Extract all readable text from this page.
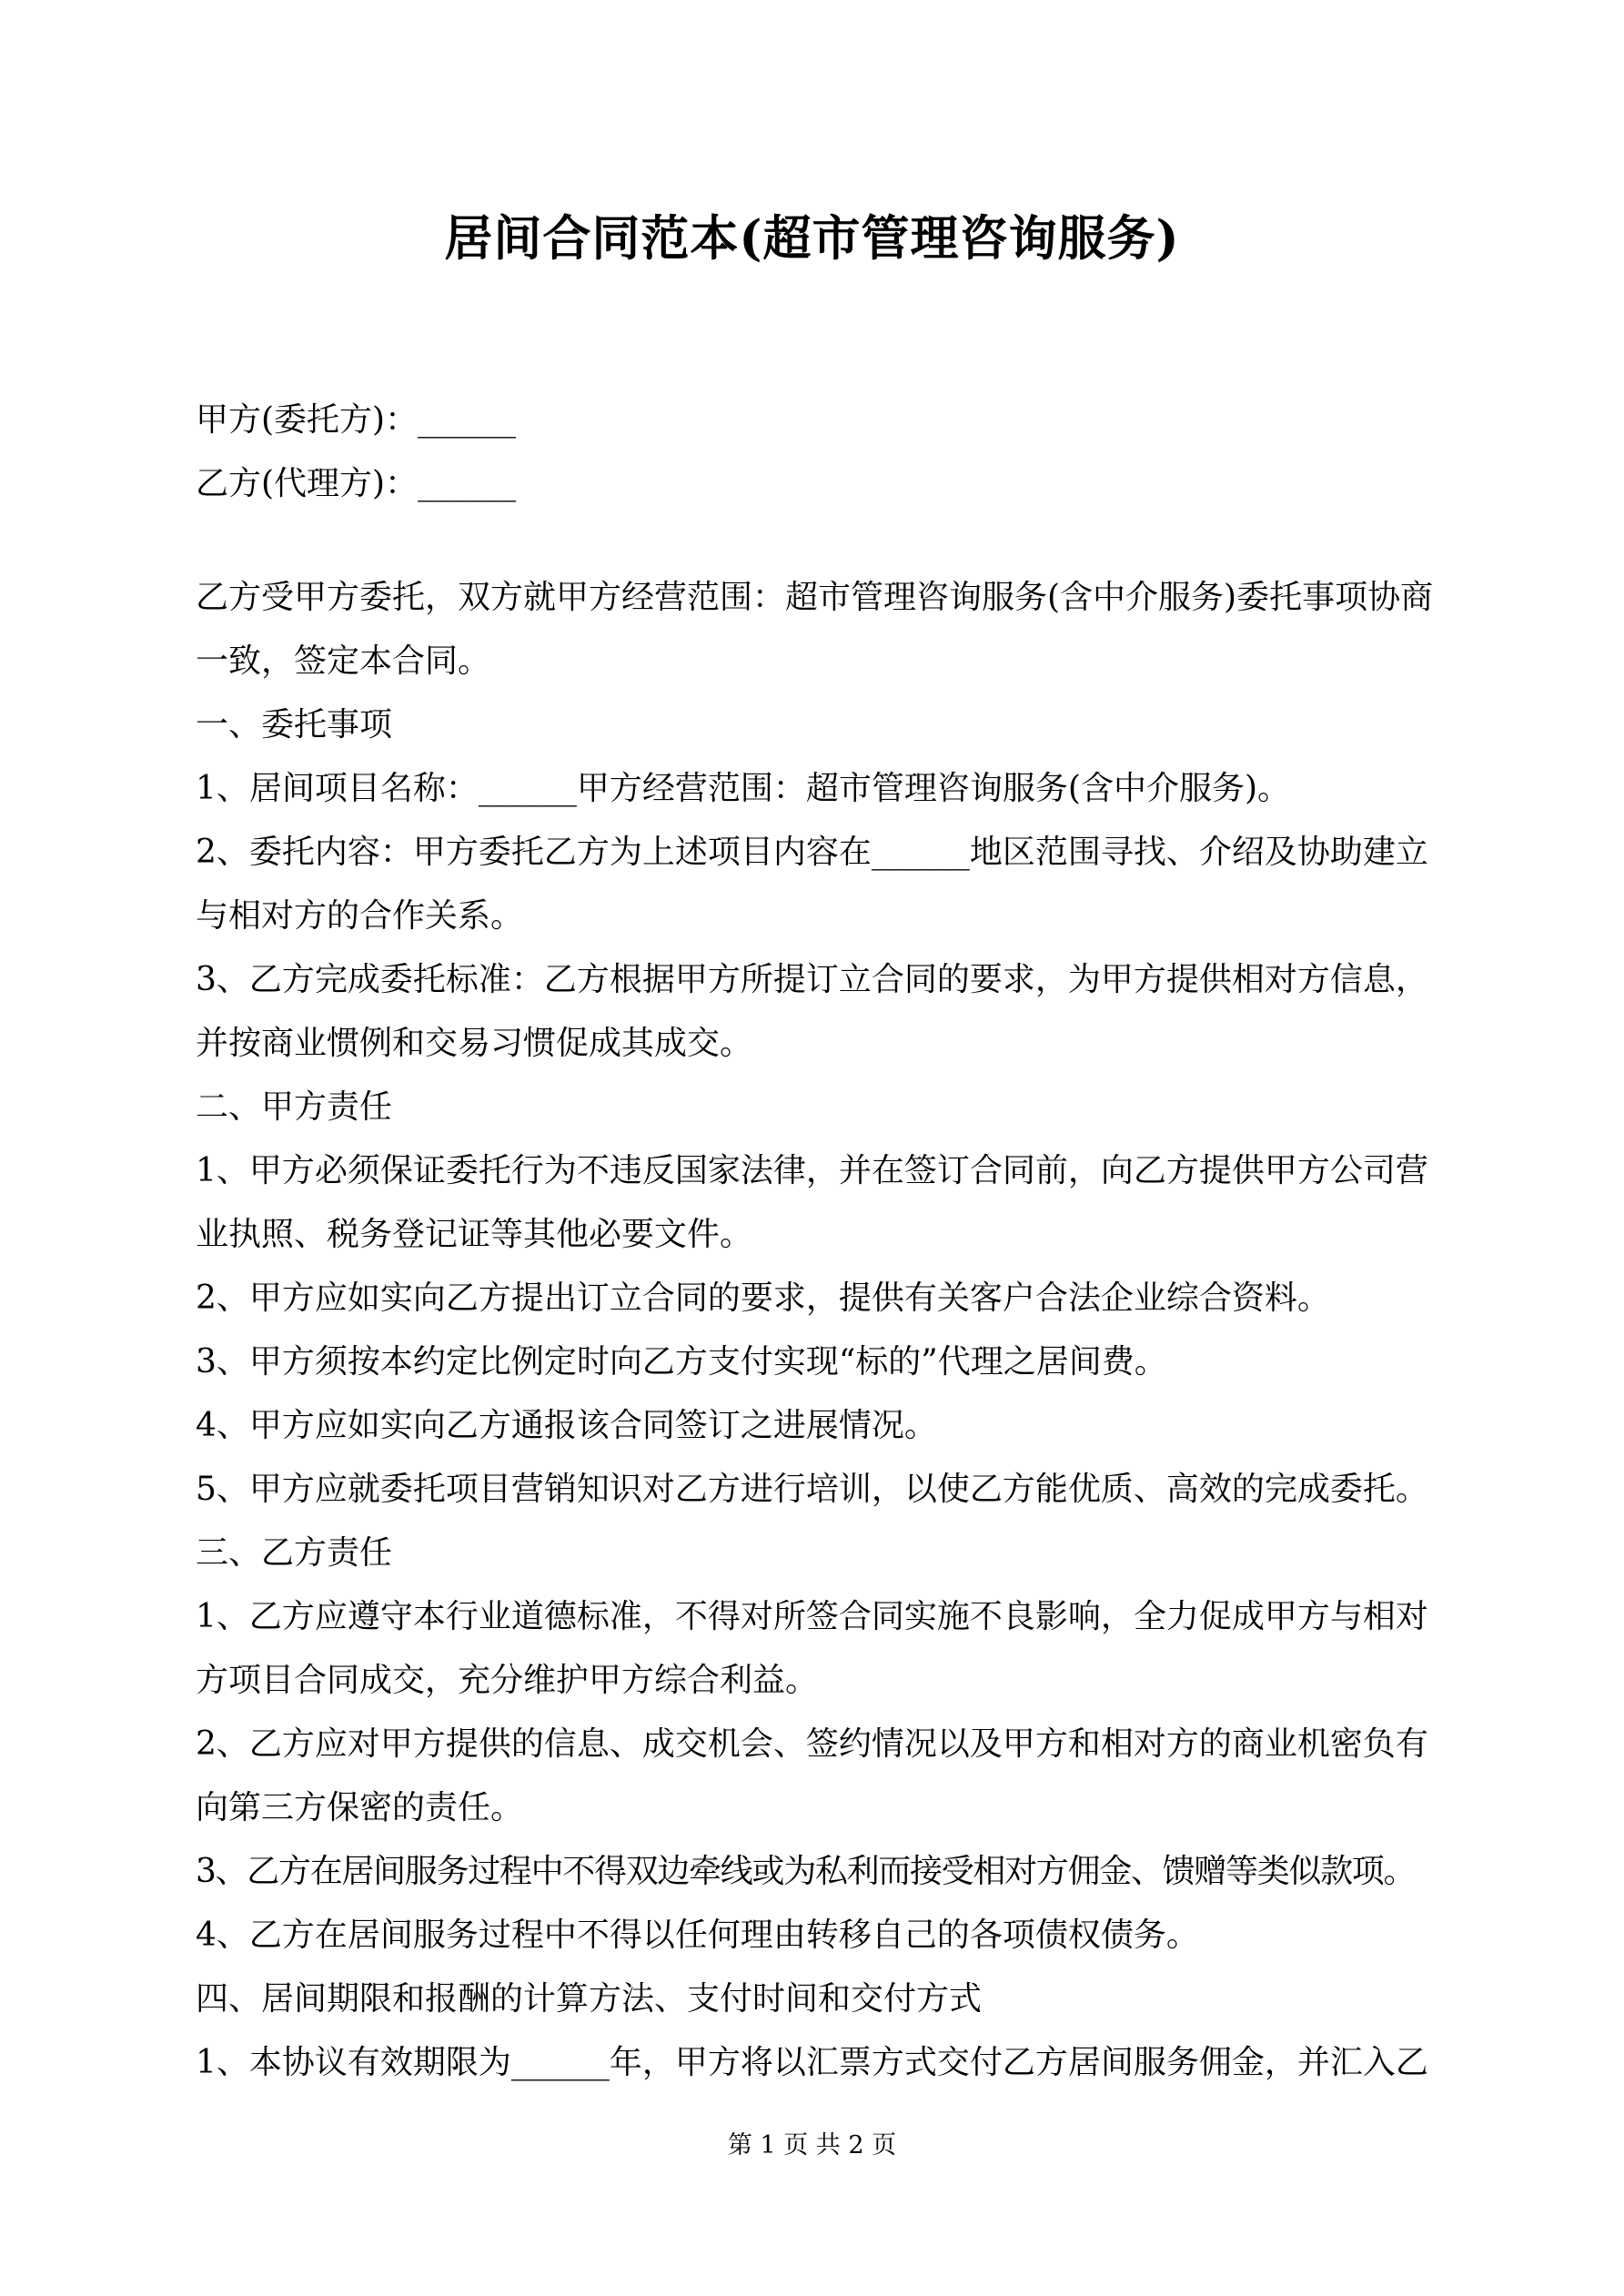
居间合同范本(超市管理咨询服务)
甲方(委托方)：______
乙方(代理方)：______
乙方受甲方委托，双方就甲方经营范围：超市管理咨询服务(含中介服务)委托事项协商
一致，签定本合同。
一、委托事项
1、居间项目名称：______甲方经营范围：超市管理咨询服务(含中介服务)。
2、委托内容：甲方委托乙方为上述项目内容在______地区范围寻找、介绍及协助建立
与相对方的合作关系。
3、乙方完成委托标准：乙方根据甲方所提订立合同的要求，为甲方提供相对方信息，
并按商业惯例和交易习惯促成其成交。
二、甲方责任
1、甲方必须保证委托行为不违反国家法律，并在签订合同前，向乙方提供甲方公司营
业执照、税务登记证等其他必要文件。
2、甲方应如实向乙方提出订立合同的要求，提供有关客户合法企业综合资料。
3、甲方须按本约定比例定时向乙方支付实现“标的”代理之居间费。
4、甲方应如实向乙方通报该合同签订之进展情况。
5、甲方应就委托项目营销知识对乙方进行培训，以使乙方能优质、高效的完成委托。
三、乙方责任
1、乙方应遵守本行业道德标准，不得对所签合同实施不良影响，全力促成甲方与相对
方项目合同成交，充分维护甲方综合利益。
2、乙方应对甲方提供的信息、成交机会、签约情况以及甲方和相对方的商业机密负有
向第三方保密的责任。
3、乙方在居间服务过程中不得双边牵线或为私利而接受相对方佣金、馈赠等类似款项。
4、乙方在居间服务过程中不得以任何理由转移自己的各项债权债务。
四、居间期限和报酬的计算方法、支付时间和交付方式
1、本协议有效期限为______年，甲方将以汇票方式交付乙方居间服务佣金，并汇入乙
第 1 页 共 2 页
